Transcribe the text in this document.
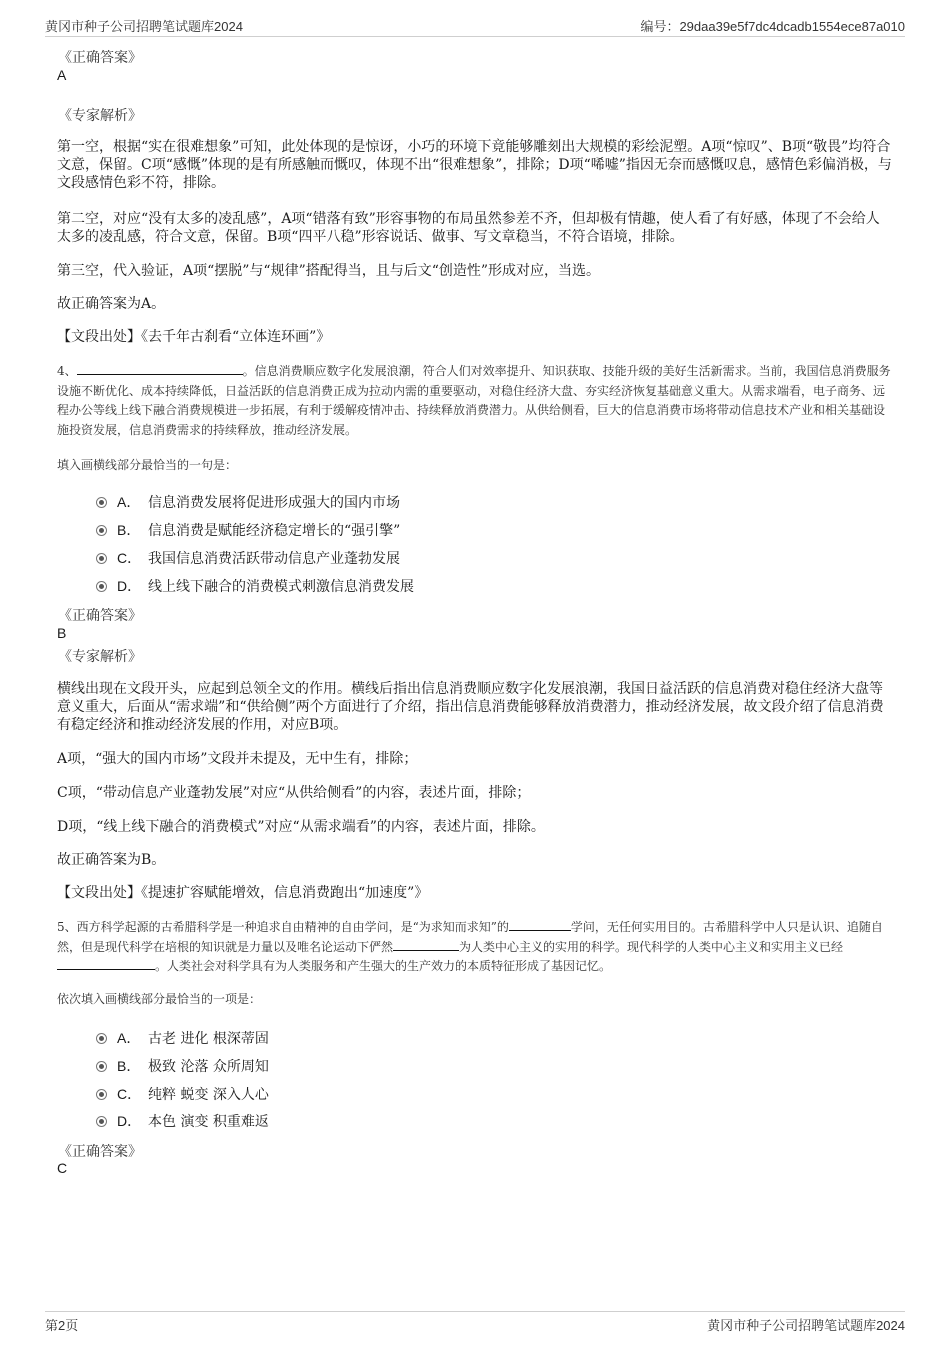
黄冈市种子公司招聘笔试题库2024	编号：29daa39e5f7dc4dcadb1554ece87a010
《正确答案》
A
《专家解析》
第一空，根据“实在很难想象”可知，此处体现的是惊讶，小巧的环境下竟能够雕刻出大规模的彩绘泥塑。A项“惊叹”、B项“敬畏”均符合文意，保留。C项“感慨”体现的是有所感触而慨叹，体现不出“很难想象”，排除；D项“唏嘘”指因无奈而感慨叹息，感情色彩偏消极，与文段感情色彩不符，排除。
第二空，对应“没有太多的凌乱感”，A项“错落有致”形容事物的布局虽然参差不齐，但却极有情趣，使人看了有好感，体现了不会给人太多的凌乱感，符合文意，保留。B项“四平八稳”形容说话、做事、写文章稳当，不符合语境，排除。
第三空，代入验证，A项“摆脱”与“规律”搭配得当，且与后文“创造性”形成对应，当选。
故正确答案为A。
【文段出处】《去千年古刹看“立体连环画”》
4、	。信息消费顺应数字化发展浪潮，符合人们对效率提升、知识获取、技能升级的美好生活新需求。当前，我国信息消费服务设施不断优化、成本持续降低，日益活跃的信息消费正成为拉动内需的重要驱动，对稳住经济大盘、夯实经济恢复基础意义重大。从需求端看，电子商务、远程办公等线上线下融合消费规模进一步拓展，有利于缓解疫情冲击、持续释放消费潜力。从供给侧看，巨大的信息消费市场将带动信息技术产业和相关基础设施投资发展，信息消费需求的持续释放，推动经济发展。
填入画横线部分最恰当的一句是：
A． 信息消费发展将促进形成强大的国内市场
B． 信息消费是赋能经济稳定增长的“强引擎”
C． 我国信息消费活跃带动信息产业蓬勃发展
D． 线上线下融合的消费模式刺激信息消费发展
《正确答案》
B
《专家解析》
横线出现在文段开头，应起到总领全文的作用。横线后指出信息消费顺应数字化发展浪潮，我国日益活跃的信息消费对稳住经济大盘等意义重大，后面从“需求端”和“供给侧”两个方面进行了介绍，指出信息消费能够释放消费潜力，推动经济发展，故文段介绍了信息消费有稳定经济和推动经济发展的作用，对应B项。
A项，“强大的国内市场”文段并未提及，无中生有，排除；
C项，“带动信息产业蓬勃发展”对应“从供给侧看”的内容，表述片面，排除；
D项，“线上线下融合的消费模式”对应“从需求端看”的内容，表述片面，排除。
故正确答案为B。
【文段出处】《提速扩容赋能增效，信息消费跑出“加速度”》
5、西方科学起源的古希腊科学是一种追求自由精神的自由学问，是“为求知而求知”的	学问，无任何实用目的。古希腊科学中人只是认识、追随自然，但是现代科学在培根的知识就是力量以及唯名论运动下俨然	为人类中心主义的实用的科学。现代科学的人类中心主义和实用主义已经。人类社会对科学具有为人类服务和产生强大的生产效力的本质特征形成了基因记忆。
依次填入画横线部分最恰当的一项是：
A． 古老 进化 根深蒂固
B． 极致 沦落 众所周知
C． 纯粹 蜕变 深入人心
D． 本色 演变 积重难返
《正确答案》
C
第2页	黄冈市种子公司招聘笔试题库2024
